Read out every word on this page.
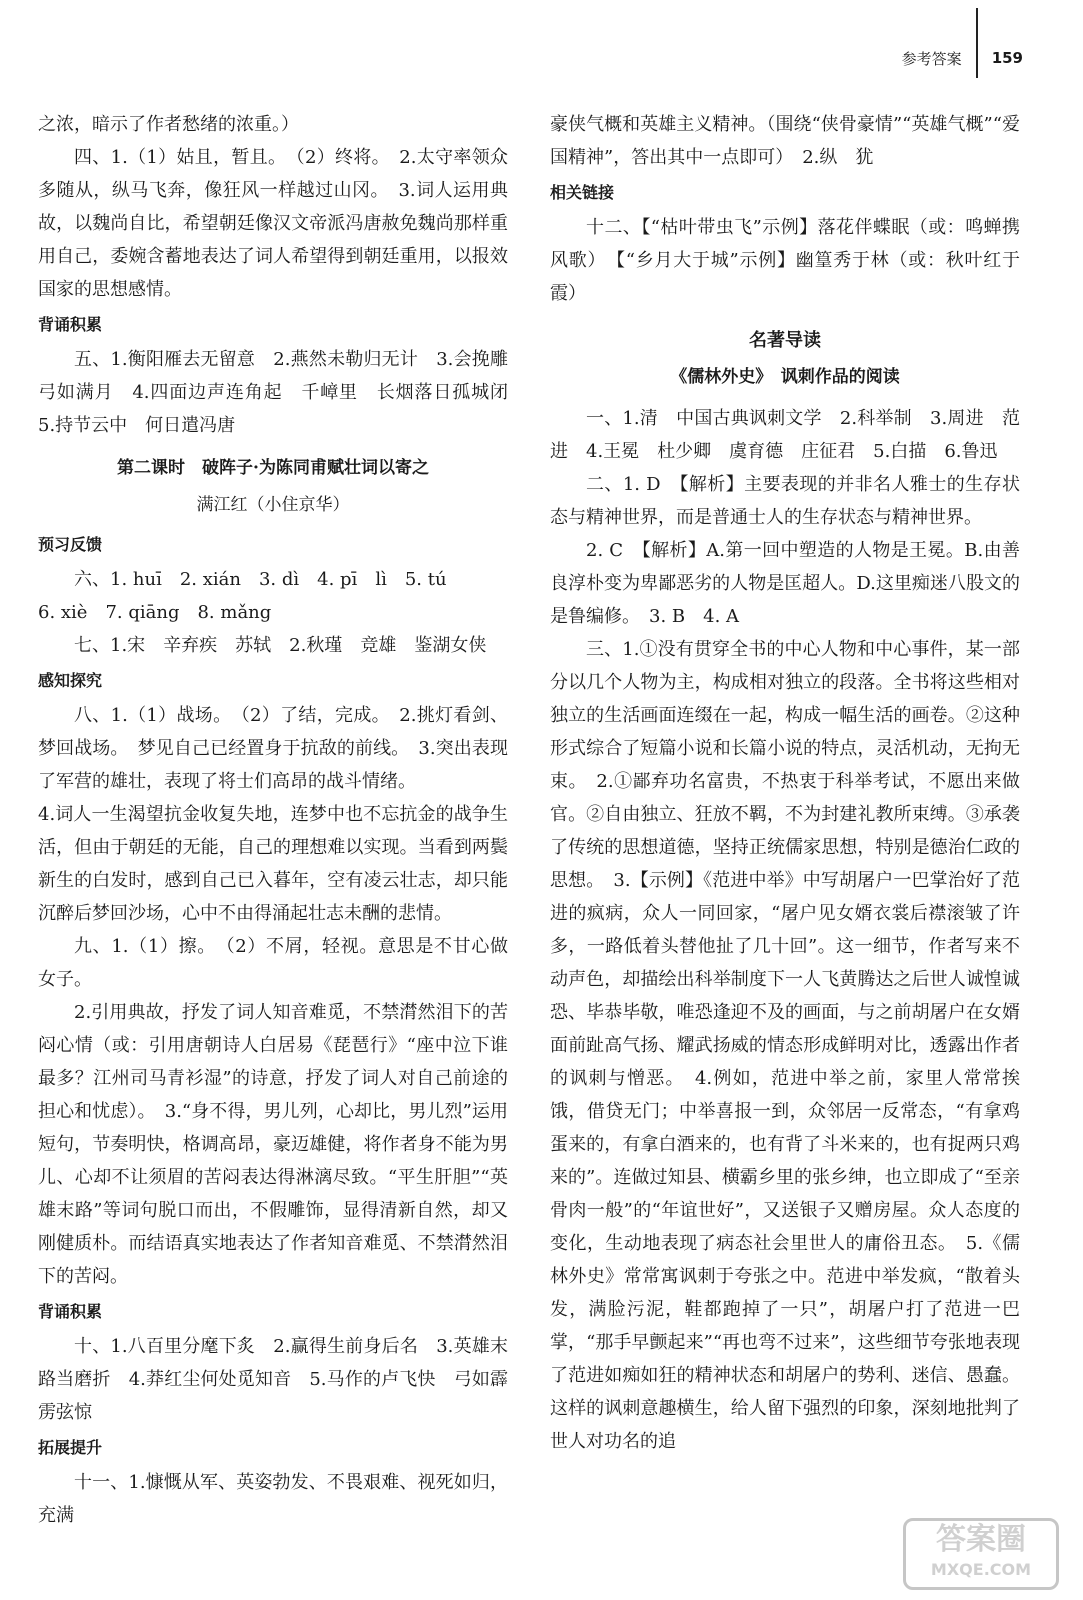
参考答案 159

之浓，暗示了作者愁绪的浓重。）

四、1.（1）姑且，暂且。　（2）终将。　2.太守率领众多随从，纵马飞奔，像狂风一样越过山冈。　3.词人运用典故，以魏尚自比，希望朝廷像汉文帝派冯唐赦免魏尚那样重用自己，委婉含蓄地表达了词人希望得到朝廷重用，以报效国家的思想感情。

背诵积累

五、1.衡阳雁去无留意　2.燕然未勒归无计　3.会挽雕弓如满月　4.四面边声连角起　千嶂里　长烟落日孤城闭　5.持节云中　何日遣冯唐

第二课时　破阵子·为陈同甫赋壮词以寄之
满江红（小住京华）
预习反馈

六、1. huī　2. xián　3. dì　4. pī　lì　5. tú

6. xiè　7. qiāng　8. mǎng

七、1.宋　辛弃疾　苏轼　2.秋瑾　竞雄　鉴湖女侠

感知探究

八、1.（1）战场。　（2）了结，完成。　2.挑灯看剑、梦回战场。　梦见自己已经置身于抗敌的前线。　3.突出表现了军营的雄壮，表现了将士们高昂的战斗情绪。

4.词人一生渴望抗金收复失地，连梦中也不忘抗金的战争生活，但由于朝廷的无能，自己的理想难以实现。当看到两鬓新生的白发时，感到自己已入暮年，空有凌云壮志，却只能沉醉后梦回沙场，心中不由得涌起壮志未酬的悲情。

九、1.（1）擦。　（2）不屑，轻视。意思是不甘心做女子。

2.引用典故，抒发了词人知音难觅，不禁潸然泪下的苦闷心情（或：引用唐朝诗人白居易《琵琶行》“座中泣下谁最多？江州司马青衫湿”的诗意，抒发了词人对自己前途的担心和忧虑）。　3.“身不得，男儿列，心却比，男儿烈”运用短句，节奏明快，格调高昂，豪迈雄健，将作者身不能为男儿、心却不让须眉的苦闷表达得淋漓尽致。“平生肝胆”“英雄末路”等词句脱口而出，不假雕饰，显得清新自然，却又刚健质朴。而结语真实地表达了作者知音难觅、不禁潸然泪下的苦闷。

背诵积累

十、1.八百里分麾下炙　2.赢得生前身后名　3.英雄末路当磨折　4.莽红尘何处觅知音　5.马作的卢飞快　弓如霹雳弦惊

拓展提升

十一、1.慷慨从军、英姿勃发、不畏艰难、视死如归，充满

豪侠气概和英雄主义精神。（围绕“侠骨豪情”“英雄气概”“爱国精神”，答出其中一点即可）　2.纵　犹

相关链接

十二、【“枯叶带虫飞”示例】落花伴蝶眠（或：鸣蝉携风歌）　【“乡月大于城”示例】幽篁秀于林（或：秋叶红于霞）

名著导读
《儒林外史》　讽刺作品的阅读

一、1.清　中国古典讽刺文学　2.科举制　3.周进　范进　4.王冕　杜少卿　虞育德　庄征君　5.白描　6.鲁迅

二、1. D　【解析】主要表现的并非名人雅士的生存状态与精神世界，而是普通士人的生存状态与精神世界。

2. C　【解析】A.第一回中塑造的人物是王冕。B.由善良淳朴变为卑鄙恶劣的人物是匡超人。D.这里痴迷八股文的是鲁编修。　3. B　4. A

三、1.①没有贯穿全书的中心人物和中心事件，某一部分以几个人物为主，构成相对独立的段落。全书将这些相对独立的生活画面连缀在一起，构成一幅生活的画卷。②这种形式综合了短篇小说和长篇小说的特点，灵活机动，无拘无束。　2.①鄙弃功名富贵，不热衷于科举考试，不愿出来做官。②自由独立、狂放不羁，不为封建礼教所束缚。③承袭了传统的思想道德，坚持正统儒家思想，特别是德治仁政的思想。　3.【示例】《范进中举》中写胡屠户一巴掌治好了范进的疯病，众人一同回家，“屠户见女婿衣裳后襟滚皱了许多，一路低着头替他扯了几十回”。这一细节，作者写来不动声色，却描绘出科举制度下一人飞黄腾达之后世人诚惶诚恐、毕恭毕敬，唯恐逢迎不及的画面，与之前胡屠户在女婿面前趾高气扬、耀武扬威的情态形成鲜明对比，透露出作者的讽刺与憎恶。　4.例如，范进中举之前，家里人常常挨饿，借贷无门；中举喜报一到，众邻居一反常态，“有拿鸡蛋来的，有拿白酒来的，也有背了斗米来的，也有捉两只鸡来的”。连做过知县、横霸乡里的张乡绅，也立即成了“至亲骨肉一般”的“年谊世好”，又送银子又赠房屋。众人态度的变化，生动地表现了病态社会里世人的庸俗丑态。　5.《儒林外史》常常寓讽刺于夸张之中。范进中举发疯，“散着头发，满脸污泥，鞋都跑掉了一只”，胡屠户打了范进一巴掌，“那手早颤起来”“再也弯不过来”，这些细节夸张地表现了范进如痴如狂的精神状态和胡屠户的势利、迷信、愚蠢。这样的讽刺意趣横生，给人留下强烈的印象，深刻地批判了世人对功名的追

答案圈
MXQE.COM
